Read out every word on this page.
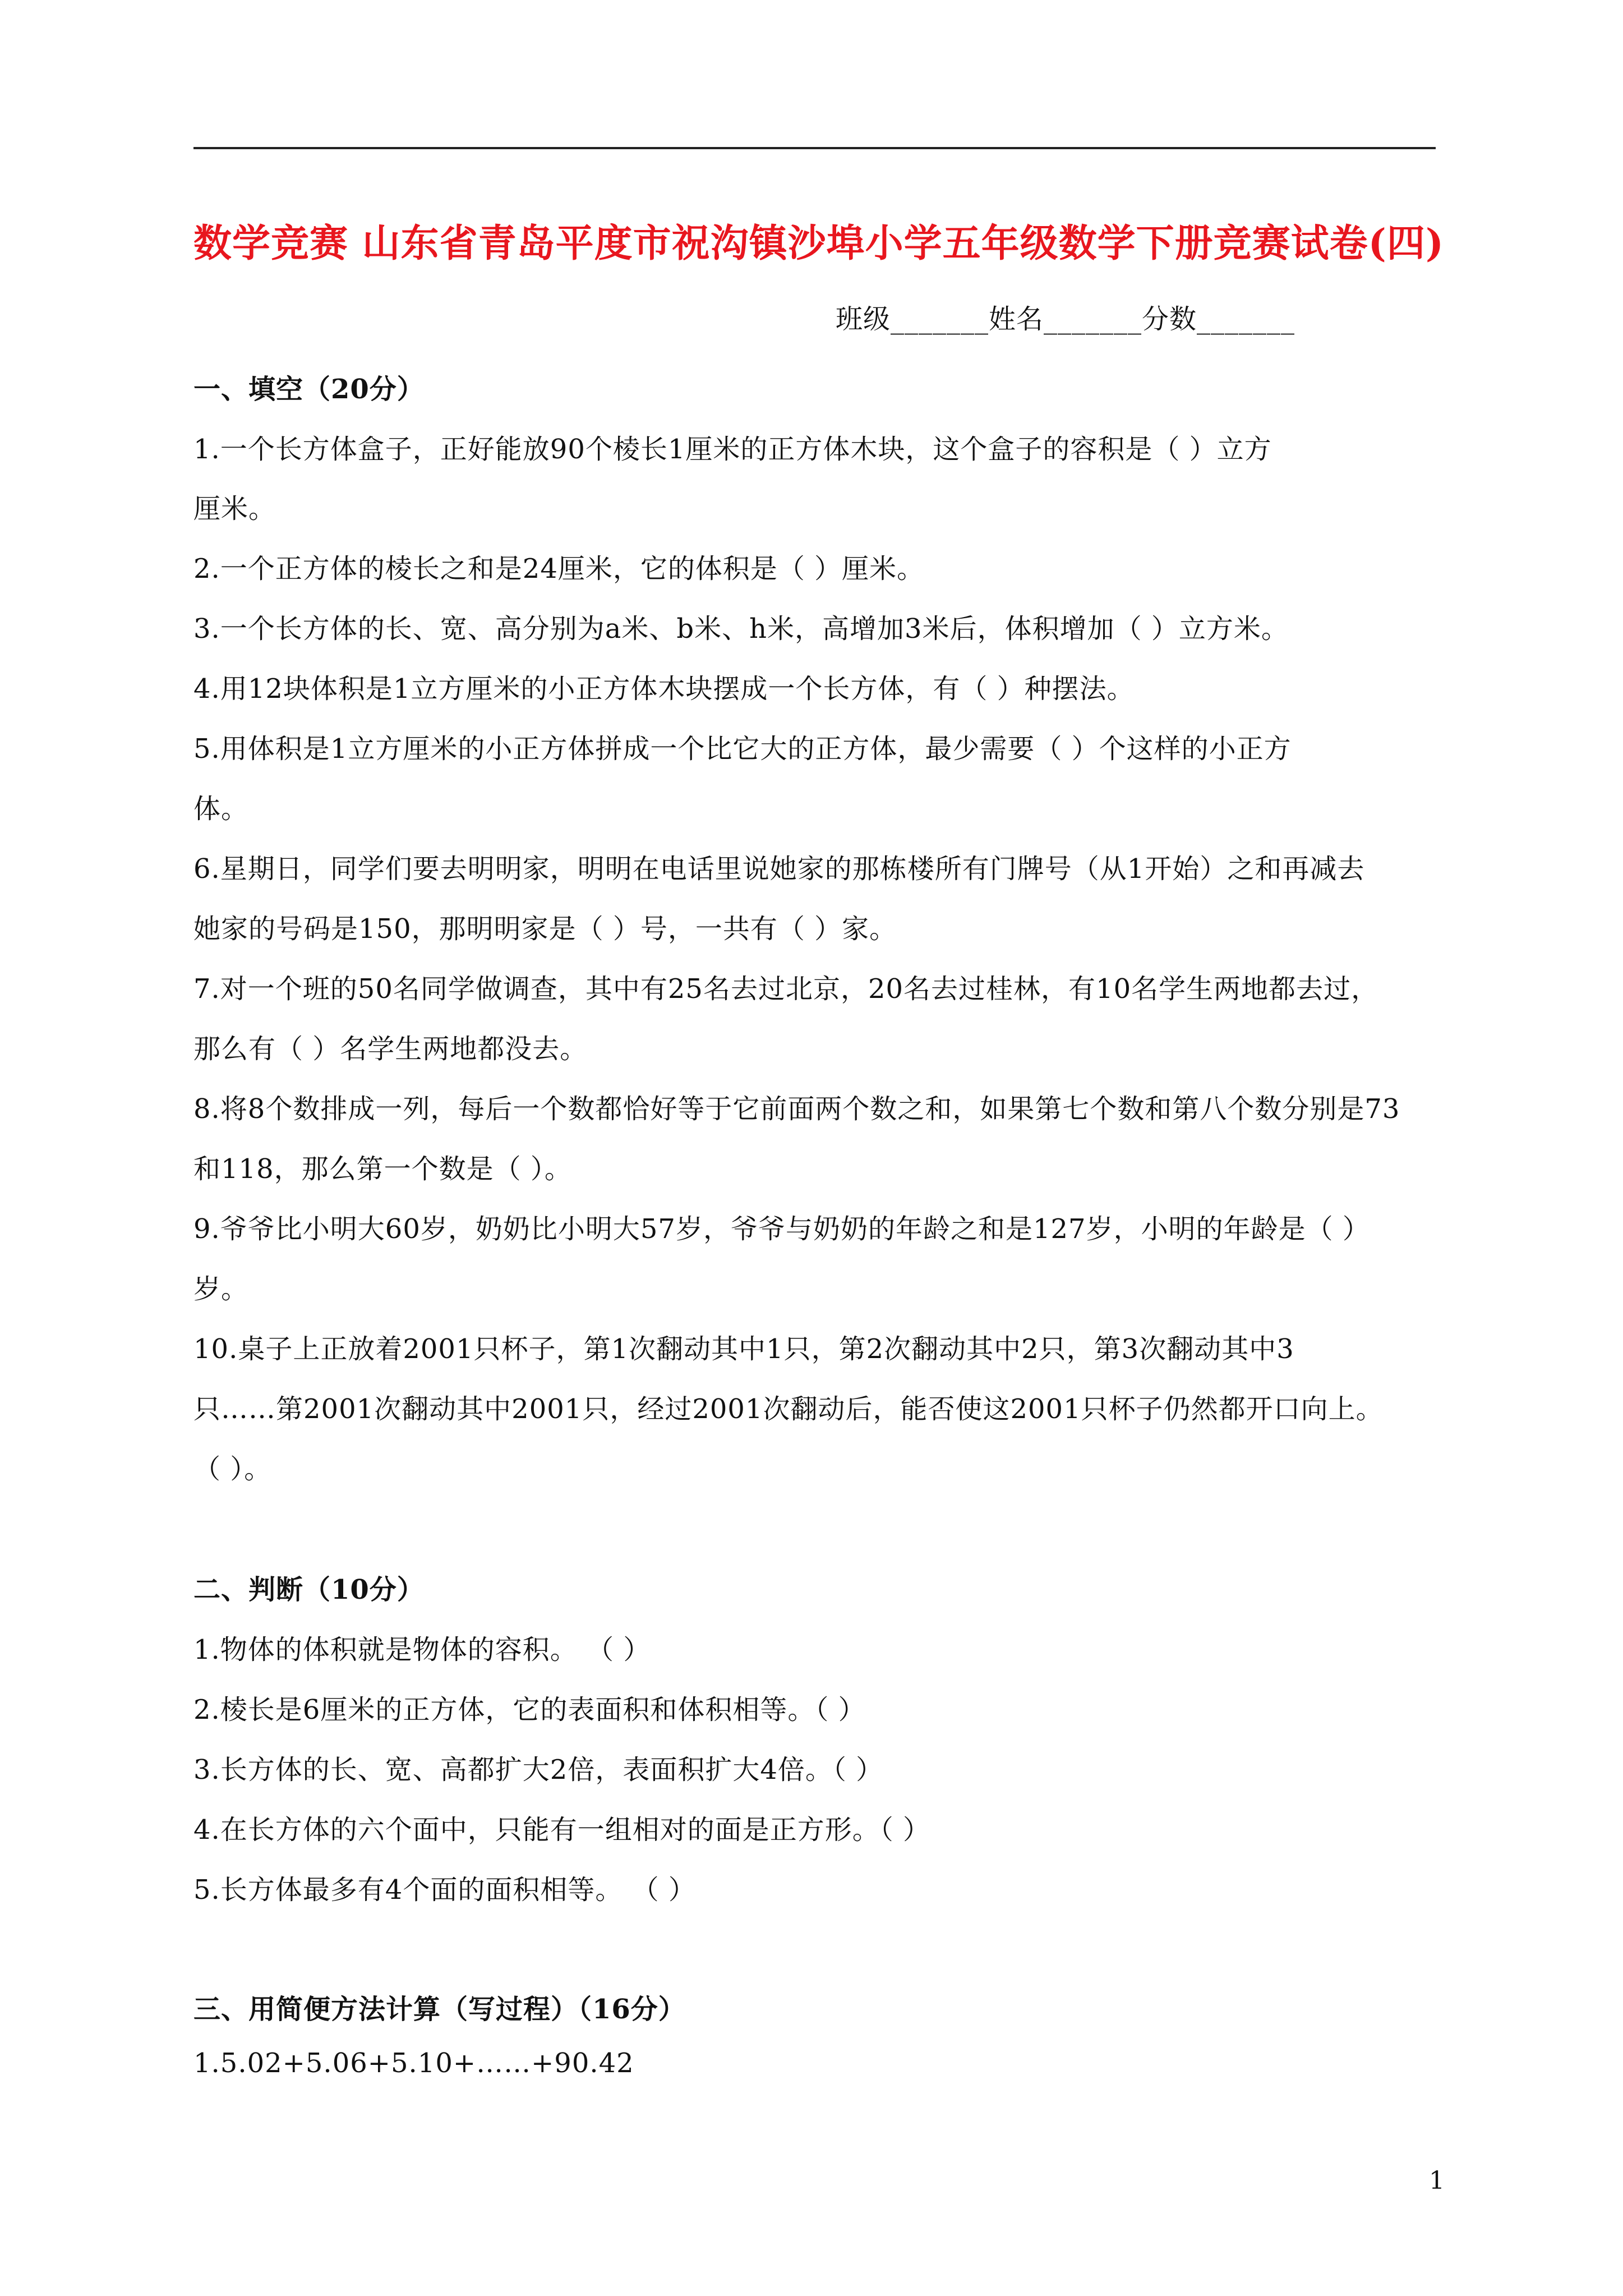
数学竞赛 山东省青岛平度市祝沟镇沙埠小学五年级数学下册竞赛试卷(四)
班级_______姓名_______分数_______
一、填空（20分）
1.一个长方体盒子，正好能放90个棱长1厘米的正方体木块，这个盒子的容积是（ ）立方
厘米。
2.一个正方体的棱长之和是24厘米，它的体积是（ ）厘米。
3.一个长方体的长、宽、高分别为a米、b米、h米，高增加3米后，体积增加（ ）立方米。
4.用12块体积是1立方厘米的小正方体木块摆成一个长方体，有（ ）种摆法。
5.用体积是1立方厘米的小正方体拼成一个比它大的正方体，最少需要（ ）个这样的小正方
体。
6.星期日，同学们要去明明家，明明在电话里说她家的那栋楼所有门牌号（从1开始）之和再减去
她家的号码是150，那明明家是（ ）号，一共有（ ）家。
7.对一个班的50名同学做调查，其中有25名去过北京，20名去过桂林，有10名学生两地都去过，
那么有（ ）名学生两地都没去。
8.将8个数排成一列，每后一个数都恰好等于它前面两个数之和，如果第七个数和第八个数分别是73
和118，那么第一个数是（ ）。
9.爷爷比小明大60岁，奶奶比小明大57岁，爷爷与奶奶的年龄之和是127岁，小明的年龄是（ ）
岁。
10.桌子上正放着2001只杯子，第1次翻动其中1只，第2次翻动其中2只，第3次翻动其中3
只……第2001次翻动其中2001只，经过2001次翻动后，能否使这2001只杯子仍然都开口向上。
（ ）。
二、判断（10分）
1.物体的体积就是物体的容积。 （ ）
2.棱长是6厘米的正方体，它的表面积和体积相等。（ ）
3.长方体的长、宽、高都扩大2倍，表面积扩大4倍。（ ）
4.在长方体的六个面中，只能有一组相对的面是正方形。（ ）
5.长方体最多有4个面的面积相等。 （ ）
三、用简便方法计算（写过程）（16分）
1.5.02+5.06+5.10+……+90.42
1
